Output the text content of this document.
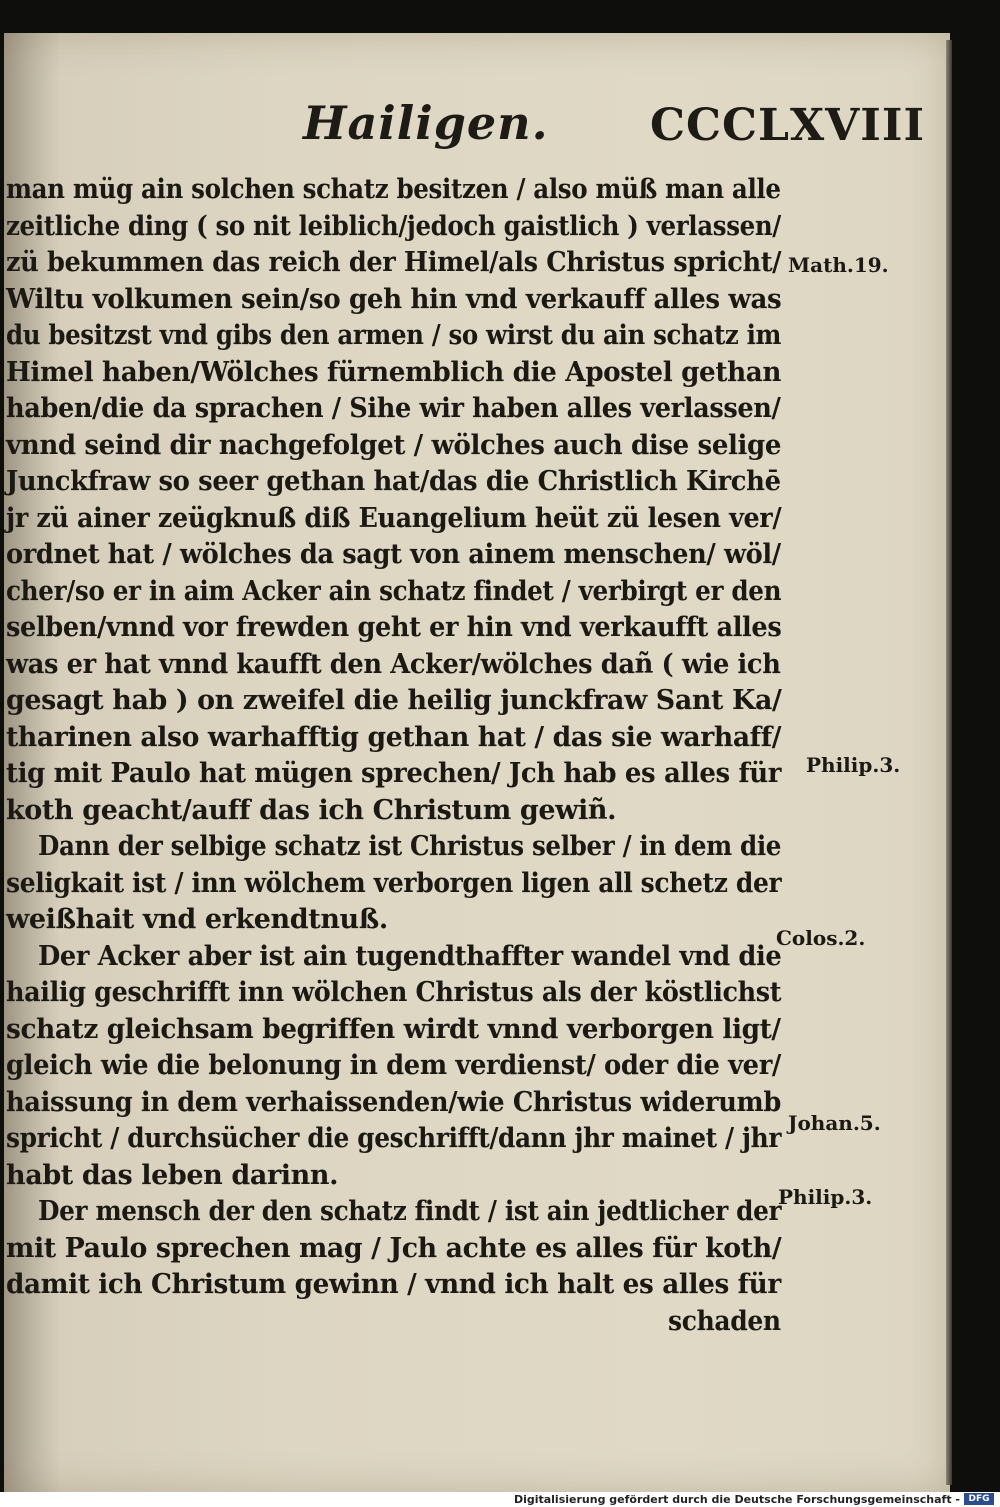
Hailigen. CCCLXVIII
man müg ain solchen schatz besitzen / also müß man alle
zeitliche ding ( so nit leiblich/jedoch gaistlich ) verlassen/
zü bekummen das reich der Himel/als Christus spricht/
Wiltu volkumen sein/so geh hin vnd verkauff alles was
du besitzst vnd gibs den armen / so wirst du ain schatz im
Himel haben/Wölches fürnemblich die Apostel gethan
haben/die da sprachen / Sihe wir haben alles verlassen/
vnnd seind dir nachgefolget / wölches auch dise selige
Junckfraw so seer gethan hat/das die Christlich Kirchē
jr zü ainer zeügknuß diß Euangelium heüt zü lesen ver/
ordnet hat / wölches da sagt von ainem menschen/ wöl/
cher/so er in aim Acker ain schatz findet / verbirgt er den
selben/vnnd vor frewden geht er hin vnd verkaufft alles
was er hat vnnd kaufft den Acker/wölches dañ ( wie ich
gesagt hab ) on zweifel die heilig junckfraw Sant Ka/
tharinen also warhafftig gethan hat / das sie warhaff/
tig mit Paulo hat mügen sprechen/ Jch hab es alles für
koth geacht/auff das ich Christum gewiñ.
Dann der selbige schatz ist Christus selber / in dem die
seligkait ist / inn wölchem verborgen ligen all schetz der
weißhait vnd erkendtnuß.
Der Acker aber ist ain tugendthaffter wandel vnd die
hailig geschrifft inn wölchen Christus als der köstlichst
schatz gleichsam begriffen wirdt vnnd verborgen ligt/
gleich wie die belonung in dem verdienst/ oder die ver/
haissung in dem verhaissenden/wie Christus widerumb
spricht / durchsücher die geschrifft/dann jhr mainet / jhr
habt das leben darinn.
Der mensch der den schatz findt / ist ain jedtlicher der
mit Paulo sprechen mag / Jch achte es alles für koth/
damit ich Christum gewinn / vnnd ich halt es alles für
schaden
Math.19.
Philip.3.
Colos.2.
Johan.5.
Philip.3.
Digitalisierung gefördert durch die Deutsche Forschungsgemeinschaft - DFG
